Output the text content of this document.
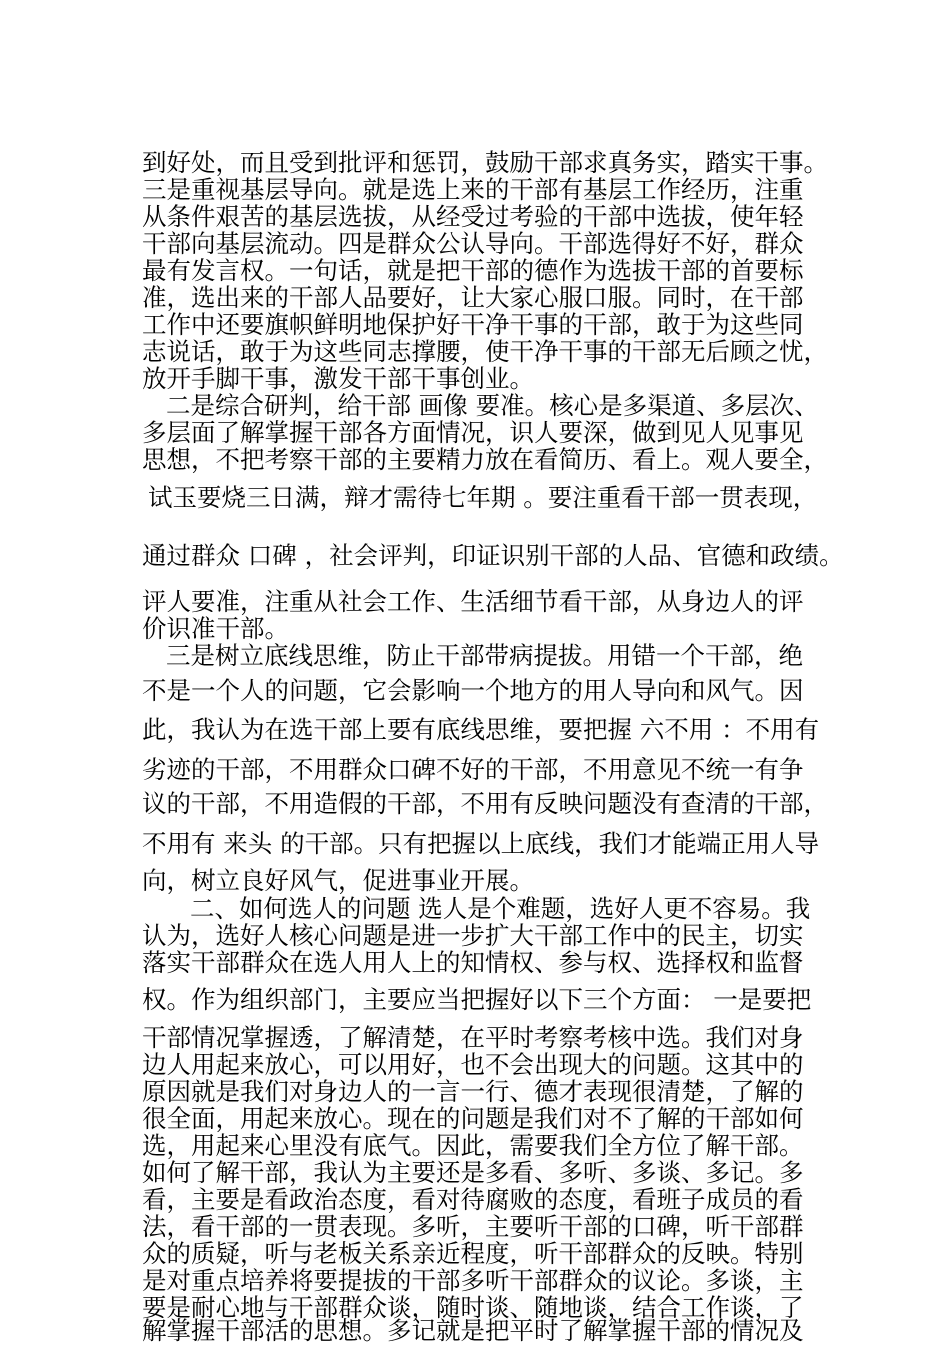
到好处，而且受到批评和惩罚，鼓励干部求真务实，踏实干事。
三是重视基层导向。就是选上来的干部有基层工作经历，注重
从条件艰苦的基层选拔，从经受过考验的干部中选拔，使年轻
干部向基层流动。四是群众公认导向。干部选得好不好，群众
最有发言权。一句话，就是把干部的德作为选拔干部的首要标
准，选出来的干部人品要好，让大家心服口服。同时，在干部
工作中还要旗帜鲜明地保护好干净干事的干部，敢于为这些同
志说话，敢于为这些同志撑腰，使干净干事的干部无后顾之忧，
放开手脚干事，激发干部干事创业。
二是综合研判，给干部 画像 要准。核心是多渠道、多层次、
多层面了解掌握干部各方面情况，识人要深，做到见人见事见
思想，不把考察干部的主要精力放在看简历、看上。观人要全，
试玉要烧三日满，辩才需待七年期 。要注重看干部一贯表现，
通过群众 口碑 ，社会评判，印证识别干部的人品、官德和政绩。
评人要准，注重从社会工作、生活细节看干部，从身边人的评
价识准干部。
三是树立底线思维，防止干部带病提拔。用错一个干部，绝
不是一个人的问题，它会影响一个地方的用人导向和风气。因
此，我认为在选干部上要有底线思维，要把握 六不用 ：不用有
劣迹的干部，不用群众口碑不好的干部，不用意见不统一有争
议的干部，不用造假的干部，不用有反映问题没有查清的干部，
不用有 来头 的干部。只有把握以上底线，我们才能端正用人导
向，树立良好风气，促进事业开展。
二、如何选人的问题 选人是个难题，选好人更不容易。我
认为，选好人核心问题是进一步扩大干部工作中的民主，切实
落实干部群众在选人用人上的知情权、参与权、选择权和监督
权。作为组织部门，主要应当把握好以下三个方面： 一是要把
干部情况掌握透，了解清楚，在平时考察考核中选。我们对身
边人用起来放心，可以用好，也不会出现大的问题。这其中的
原因就是我们对身边人的一言一行、德才表现很清楚，了解的
很全面，用起来放心。现在的问题是我们对不了解的干部如何
选，用起来心里没有底气。因此，需要我们全方位了解干部。
如何了解干部，我认为主要还是多看、多听、多谈、多记。多
看，主要是看政治态度，看对待腐败的态度，看班子成员的看
法，看干部的一贯表现。多听，主要听干部的口碑，听干部群
众的质疑，听与老板关系亲近程度，听干部群众的反映。特别
是对重点培养将要提拔的干部多听干部群众的议论。多谈，主
要是耐心地与干部群众谈，随时谈、随地谈，结合工作谈，了
解掌握干部活的思想。多记就是把平时了解掌握干部的情况及
